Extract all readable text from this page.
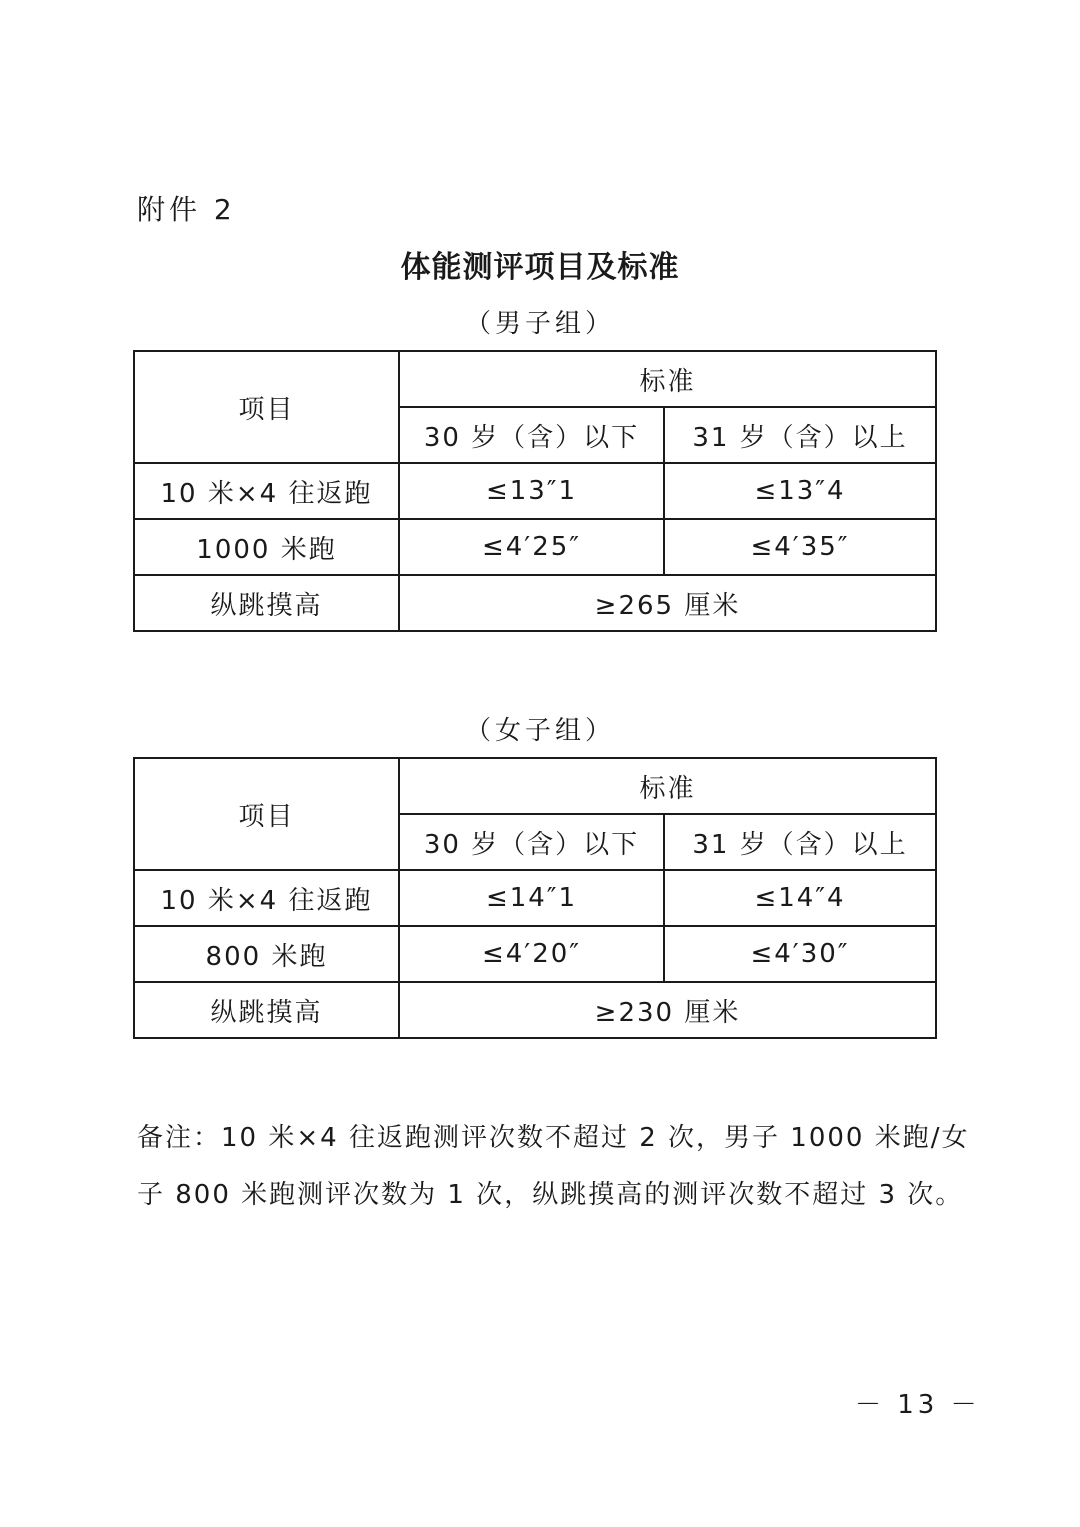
附件 2
体能测评项目及标准
（男子组）
项目	标准	
	30 岁（含）以下	31 岁（含）以上
10 米×4 往返跑	≤13″1	≤13″4
1000 米跑	≤4′25″	≤4′35″
纵跳摸高	≥265 厘米	
（女子组）
项目	标准	
	30 岁（含）以下	31 岁（含）以上
10 米×4 往返跑	≤14″1	≤14″4
800 米跑	≤4′20″	≤4′30″
纵跳摸高	≥230 厘米	
备注：10 米×4 往返跑测评次数不超过 2 次，男子 1000 米跑/女
子 800 米跑测评次数为 1 次，纵跳摸高的测评次数不超过 3 次。
－ 13 －
